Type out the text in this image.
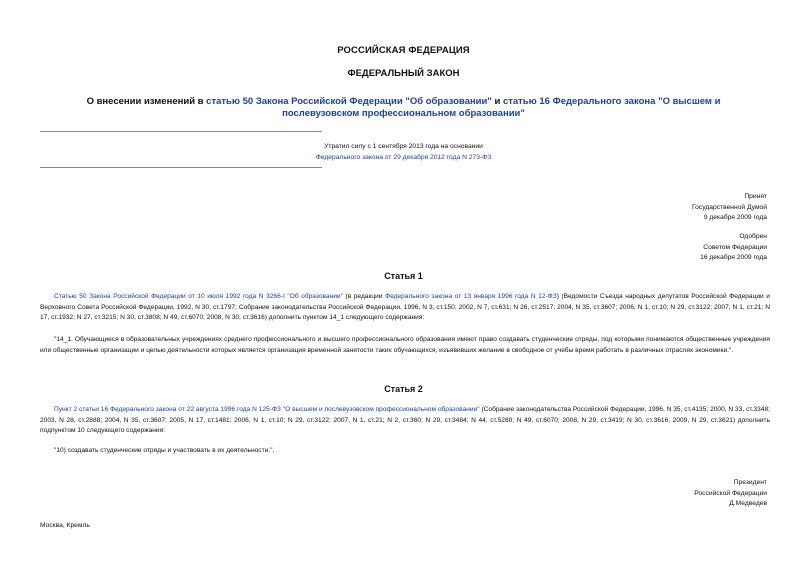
РОССИЙСКАЯ ФЕДЕРАЦИЯ
ФЕДЕРАЛЬНЫЙ ЗАКОН
О внесении изменений в статью 50 Закона Российской Федерации "Об образовании" и статью 16 Федерального закона "О высшем и послевузовском профессиональном образовании"
Утратил силу с 1 сентября 2013 года на основании
Федерального закона от 29 декабря 2012 года N 273-ФЗ
Принят
Государственной Думой
9 декабря 2009 года
Одобрен
Советом Федерации
16 декабря 2009 года
Статья 1
Статью 50 Закона Российской Федерации от 10 июля 1992 года N 3266-I "Об образовании" (в редакции Федерального закона от 13 января 1996 года N 12-ФЗ) (Ведомости Съезда народных депутатов Российской Федерации и Верховного Совета Российской Федерации, 1992, N 30, ст.1797; Собрание законодательства Российской Федерации, 1996, N 3, ст.150; 2002, N 7, ст.631; N 26, ст.2517; 2004, N 35, ст.3607; 2006, N 1, ст.10; N 29, ст.3122; 2007, N 1, ст.21; N 17, ст.1932; N 27, ст.3215; N 30, ст.3808; N 49, ст.6070; 2008, N 30, ст.3616) дополнить пунктом 14_1 следующего содержания:
"14_1. Обучающиеся в образовательных учреждениях среднего профессионального и высшего профессионального образования имеют право создавать студенческие отряды, под которыми понимаются общественные учреждения или общественные организации и целью деятельности которых является организация временной занятости таких обучающихся, изъявивших желание в свободное от учебы время работать в различных отраслях экономики.".
Статья 2
Пункт 2 статьи 16 Федерального закона от 22 августа 1996 года N 125-ФЗ "О высшем и послевузовском профессиональном образовании" (Собрание законодательства Российской Федерации, 1996, N 35, ст.4135; 2000, N 33, ст.3348; 2003, N 28, ст.2888; 2004, N 35, ст.3607; 2005, N 17, ст.1481; 2006, N 1, ст.10; N 29, ст.3122; 2007, N 1, ст.21; N 2, ст.360; N 29, ст.3484; N 44, ст.5280; N 49, ст.6070; 2008, N 29, ст.3419; N 30, ст.3616; 2009, N 29, ст.3621) дополнить подпунктом 10 следующего содержания:
"10) создавать студенческие отряды и участвовать в их деятельности.".
Президент
Российской Федерации
Д.Медведев
Москва, Кремль
